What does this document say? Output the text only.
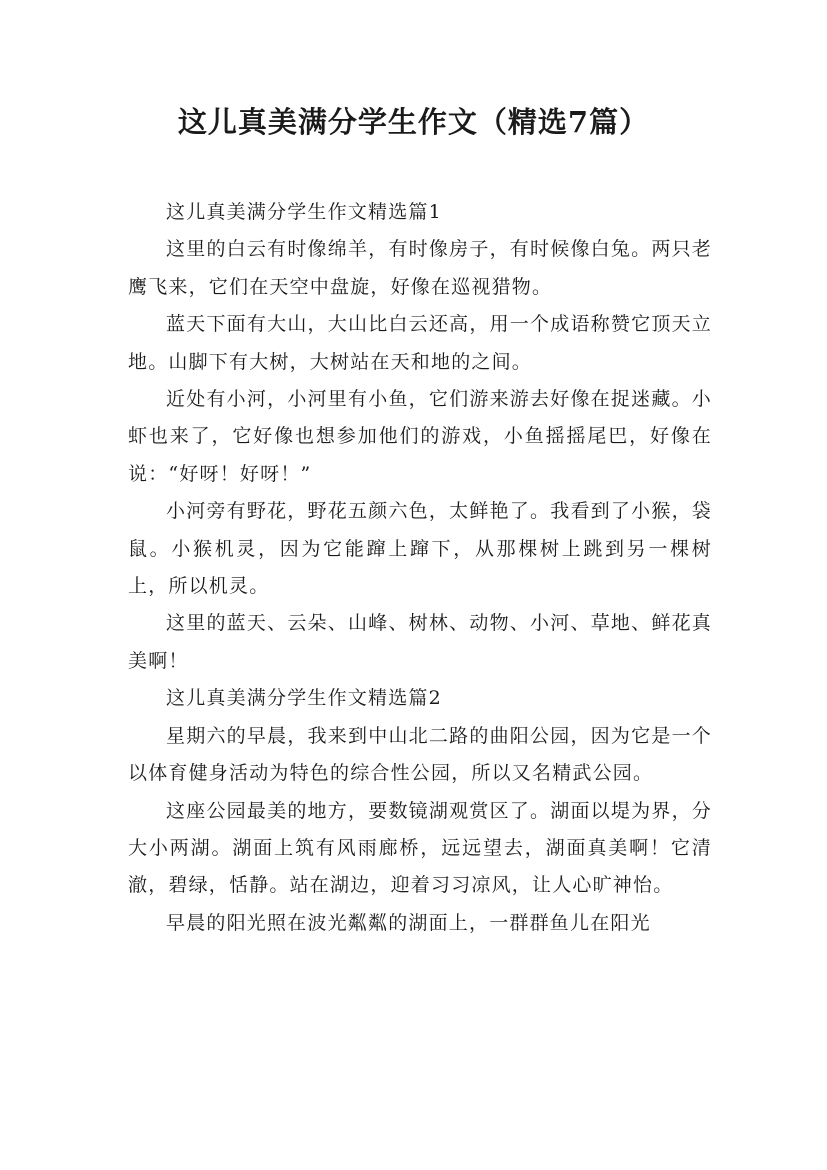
这儿真美满分学生作文（精选7篇）

这儿真美满分学生作文精选篇1

这里的白云有时像绵羊，有时像房子，有时候像白兔。两只老鹰飞来，它们在天空中盘旋，好像在巡视猎物。

蓝天下面有大山，大山比白云还高，用一个成语称赞它顶天立地。山脚下有大树，大树站在天和地的之间。

近处有小河，小河里有小鱼，它们游来游去好像在捉迷藏。小虾也来了，它好像也想参加他们的游戏，小鱼摇摇尾巴，好像在说：“好呀！好呀！”

小河旁有野花，野花五颜六色，太鲜艳了。我看到了小猴，袋鼠。小猴机灵，因为它能蹿上蹿下，从那棵树上跳到另一棵树上，所以机灵。

这里的蓝天、云朵、山峰、树林、动物、小河、草地、鲜花真美啊！

这儿真美满分学生作文精选篇2

星期六的早晨，我来到中山北二路的曲阳公园，因为它是一个以体育健身活动为特色的综合性公园，所以又名精武公园。

这座公园最美的地方，要数镜湖观赏区了。湖面以堤为界，分大小两湖。湖面上筑有风雨廊桥，远远望去，湖面真美啊！它清澈，碧绿，恬静。站在湖边，迎着习习凉风，让人心旷神怡。

早晨的阳光照在波光粼粼的湖面上，一群群鱼儿在阳光
